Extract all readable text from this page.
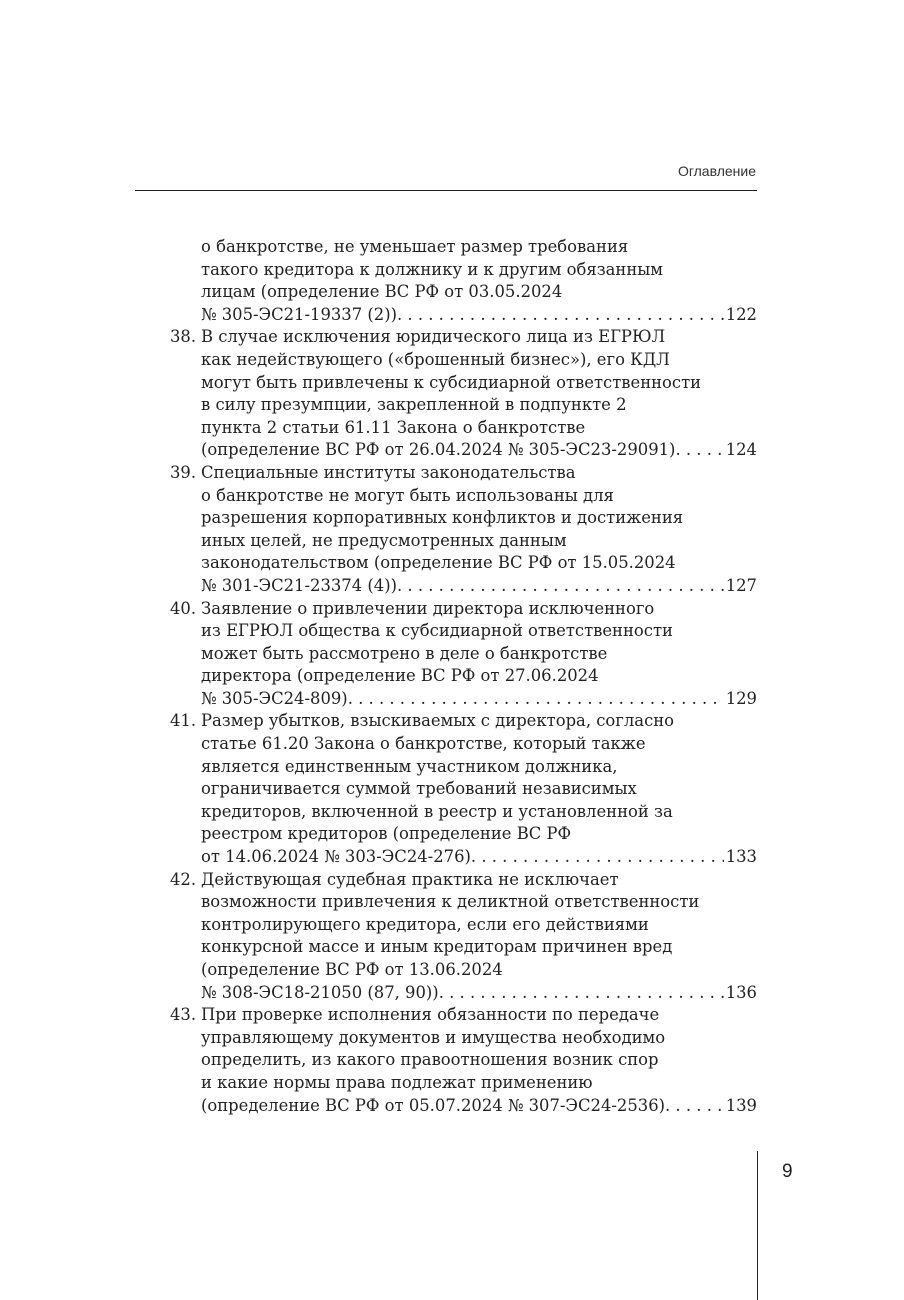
Оглавление
о банкротстве, не уменьшает размер требования
такого кредитора к должнику и к другим обязанным
лицам (определение ВС РФ от 03.05.2024
№ 305-ЭС21-19337 (2)) . . .	122
38. В случае исключения юридического лица из ЕГРЮЛ
как недействующего («брошенный бизнес»), его КДЛ
могут быть привлечены к субсидиарной ответственности
в силу презумпции, закрепленной в подпункте 2
пункта 2 статьи 61.11 Закона о банкротстве
(определение ВС РФ от 26.04.2024 № 305-ЭС23-29091) . . .	124
39. Специальные институты законодательства
о банкротстве не могут быть использованы для
разрешения корпоративных конфликтов и достижения
иных целей, не предусмотренных данным
законодательством (определение ВС РФ от 15.05.2024
№ 301-ЭС21-23374 (4)) . . .	127
40. Заявление о привлечении директора исключенного
из ЕГРЮЛ общества к субсидиарной ответственности
может быть рассмотрено в деле о банкротстве
директора (определение ВС РФ от 27.06.2024
№ 305-ЭС24-809) . . .	129
41. Размер убытков, взыскиваемых с директора, согласно
статье 61.20 Закона о банкротстве, который также
является единственным участником должника,
ограничивается суммой требований независимых
кредиторов, включенной в реестр и установленной за
реестром кредиторов (определение ВС РФ
от 14.06.2024 № 303-ЭС24-276) . . .	133
42. Действующая судебная практика не исключает
возможности привлечения к деликтной ответственности
контролирующего кредитора, если его действиями
конкурсной массе и иным кредиторам причинен вред
(определение ВС РФ от 13.06.2024
№ 308-ЭС18-21050 (87, 90)) . . .	136
43. При проверке исполнения обязанности по передаче
управляющему документов и имущества необходимо
определить, из какого правоотношения возник спор
и какие нормы права подлежат применению
(определение ВС РФ от 05.07.2024 № 307-ЭС24-2536) . . .	139
9
